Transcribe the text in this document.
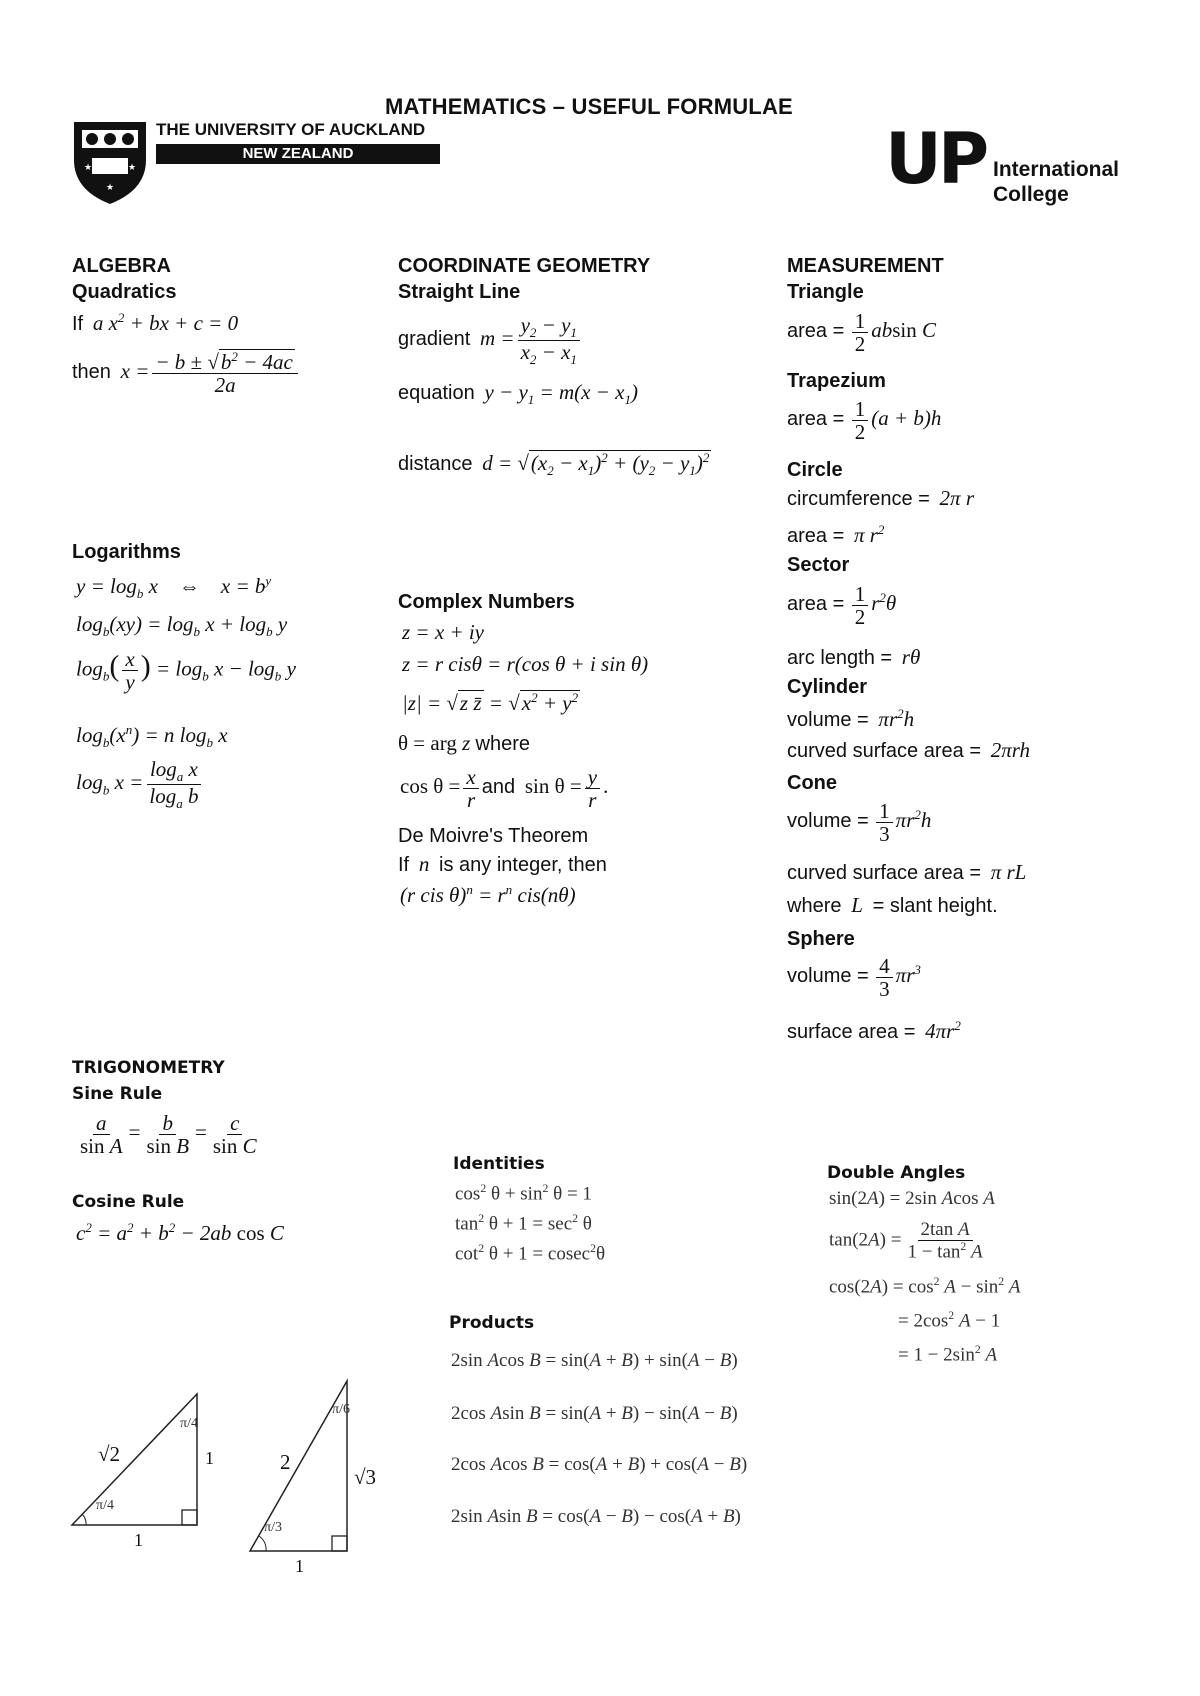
MATHEMATICS – USEFUL FORMULAE
★	★
★
THE UNIVERSITY OF AUCKLAND
NEW ZEALAND	UP International
College
ALGEBRA
Quadratics
If  a $x^2$ + bx + c = 0
then  $x = \frac{- b \pm √b^2 - 4ac}{2a}$
Logarithms
$y = \log_b x$    ⇔    $x = b^y$
$\log_b(xy) = \log_b x + \log_b y$
$\log_b( \frac{x}{y}$ ) = $\log_b x - \log_b y$
$\log_b(x^n) = n$ $\log_b x$
$\log_b x = \frac{\log_a x}{\log_a b}$
COORDINATE GEOMETRY
Straight Line
gradient  $m = \frac{y_2 - y_1}{x_2 - x_1}$
equation  $y - y_1 = m(x - x_1)$
distance  $d = √(x_2 - x_1)^2 + (y_2 - y_1)^2$
Complex Numbers
z = x + iy
z = r cisθ = r(cos θ + i sin θ)
|z| = √z z̄ = $√x^2 + y^2$
θ = arg z where
$\cos \theta = \frac{x}{r}$ and  $\sin \theta = \frac{y}{r}$ .
De Moivre's Theorem
If  n  is any integer, then
(r cis $\theta)^n = r^n$ cis(nθ)
MEASUREMENT
Triangle
area = $\frac{1}{2}$ absin C
Trapezium
area = $\frac{1}{2} (a + b)h$
Circle
circumference =  2π r
area =  π $r^2$
Sector
area = $\frac{1}{2} r^2\theta$
arc length =  rθ
Cylinder
volume =  $\pi r^2h$
curved surface area =  2πrh
Cone
volume = $\frac{1}{3} \pi r^2h$
curved surface area =  π rL
where  L  = slant height.
Sphere
volume = $\frac{4}{3} \pi r^3$
surface area =  $4\pi r^2$
TRIGONOMETRY
Sine Rule
$\frac{a}{\text{sin A}} = \frac{b}{\text{sin B}} = \frac{c}{\text{sin C}}$
Cosine Rule
$c^2 = a^2 + b^2 - 2ab$ cos C
Identities
$\cos^2 \theta + \sin^2 \theta = 1$
$\tan^2 \theta + 1 = \sec^2 \theta$
$\cot^2 \theta + 1 = cosec^2\theta$
Products
2sin Acos B = sin(A + B) + sin(A − B)
2cos Asin B = sin(A + B) − sin(A − B)
2cos Acos B = cos(A + B) + cos(A − B)
2sin Asin B = cos(A − B) − cos(A + B)
Double Angles
sin(2A) = 2sin Acos A
$\tan(2A) = \frac{\text{2tan A}}{1 - \tan^2 A}$
$\cos(2A) = \cos^2 A - \sin^2 A$
= $2\cos^2$ A − 1
= $1 - 2\sin^2$ A
√2
π/4
π/4
1
1
2
π/6
π/3
√3
1
